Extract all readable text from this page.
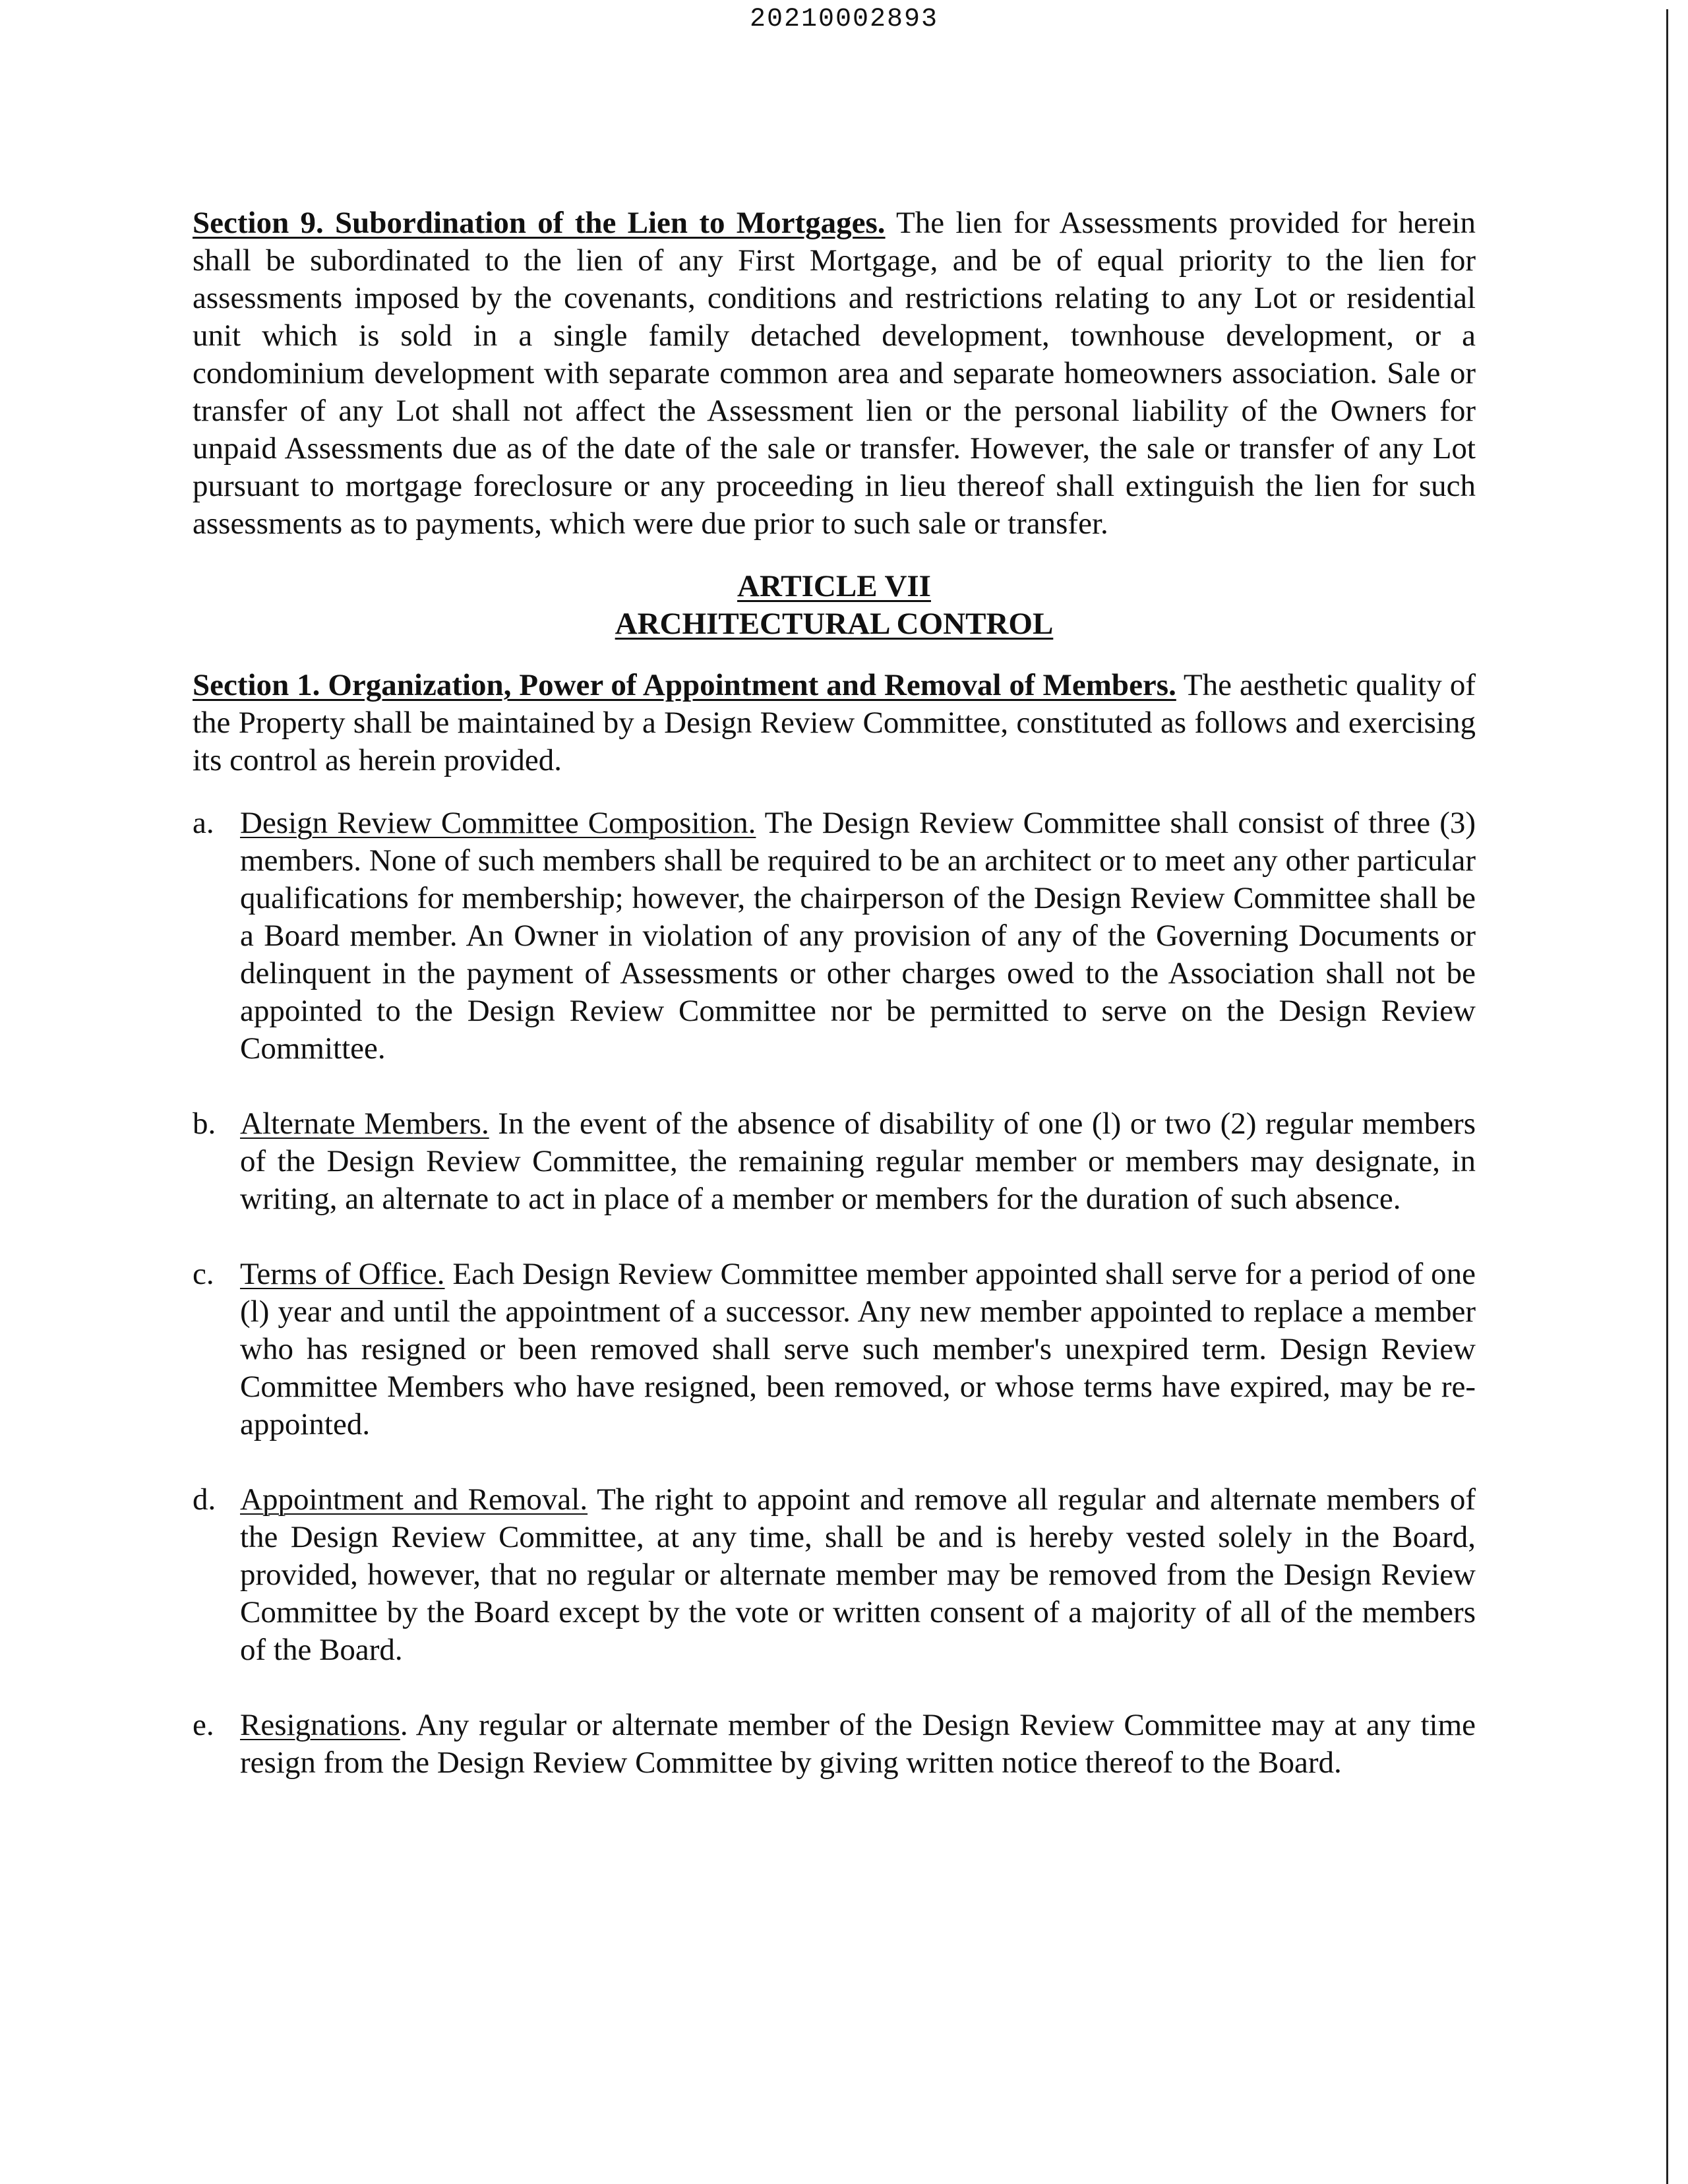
20210002893

Section 9. Subordination of the Lien to Mortgages. The lien for Assessments provided for herein shall be subordinated to the lien of any First Mortgage, and be of equal priority to the lien for assessments imposed by the covenants, conditions and restrictions relating to any Lot or residential unit which is sold in a single family detached development, townhouse development, or a condominium development with separate common area and separate homeowners association. Sale or transfer of any Lot shall not affect the Assessment lien or the personal liability of the Owners for unpaid Assessments due as of the date of the sale or transfer. However, the sale or transfer of any Lot pursuant to mortgage foreclosure or any proceeding in lieu thereof shall extinguish the lien for such assessments as to payments, which were due prior to such sale or transfer.

ARTICLE VII
ARCHITECTURAL CONTROL

Section 1. Organization, Power of Appointment and Removal of Members. The aesthetic quality of the Property shall be maintained by a Design Review Committee, constituted as follows and exercising its control as herein provided.

a. Design Review Committee Composition. The Design Review Committee shall consist of three (3) members. None of such members shall be required to be an architect or to meet any other particular qualifications for membership; however, the chairperson of the Design Review Committee shall be a Board member. An Owner in violation of any provision of any of the Governing Documents or delinquent in the payment of Assessments or other charges owed to the Association shall not be appointed to the Design Review Committee nor be permitted to serve on the Design Review Committee.

b. Alternate Members. In the event of the absence of disability of one (l) or two (2) regular members of the Design Review Committee, the remaining regular member or members may designate, in writing, an alternate to act in place of a member or members for the duration of such absence.

c. Terms of Office. Each Design Review Committee member appointed shall serve for a period of one (l) year and until the appointment of a successor. Any new member appointed to replace a member who has resigned or been removed shall serve such member's unexpired term. Design Review Committee Members who have resigned, been removed, or whose terms have expired, may be re-appointed.

d. Appointment and Removal. The right to appoint and remove all regular and alternate members of the Design Review Committee, at any time, shall be and is hereby vested solely in the Board, provided, however, that no regular or alternate member may be removed from the Design Review Committee by the Board except by the vote or written consent of a majority of all of the members of the Board.

e. Resignations. Any regular or alternate member of the Design Review Committee may at any time resign from the Design Review Committee by giving written notice thereof to the Board.
